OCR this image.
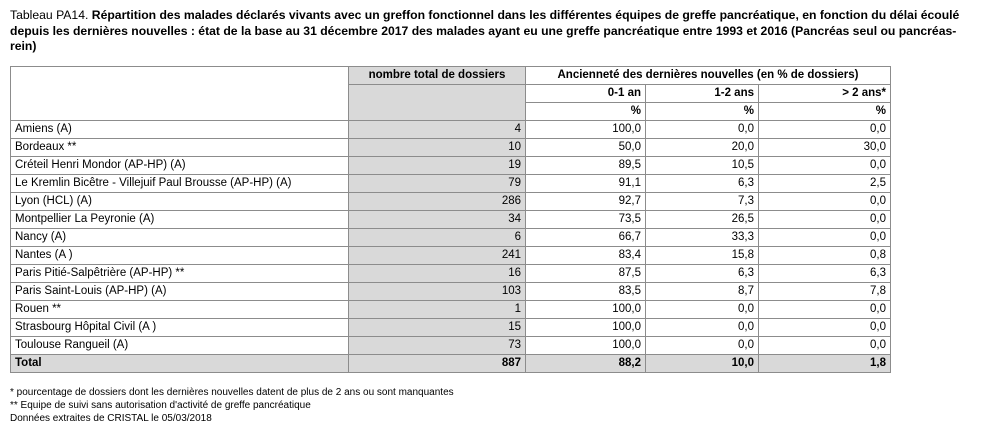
Tableau PA14. Répartition des malades déclarés vivants avec un greffon fonctionnel dans les différentes équipes de greffe pancréatique, en fonction du délai écoulé depuis les dernières nouvelles : état de la base au 31 décembre 2017 des malades ayant eu une greffe pancréatique entre 1993 et 2016 (Pancréas seul ou pancréas-rein)
	nombre total de dossiers	Ancienneté des dernières nouvelles (en % de dossiers)		
		0-1 an	1-2 ans	> 2 ans*
		%	%	%
Amiens (A)	4	100,0	0,0	0,0
Bordeaux **	10	50,0	20,0	30,0
Créteil Henri Mondor (AP-HP) (A)	19	89,5	10,5	0,0
Le Kremlin Bicêtre - Villejuif Paul Brousse (AP-HP) (A)	79	91,1	6,3	2,5
Lyon (HCL) (A)	286	92,7	7,3	0,0
Montpellier La Peyronie (A)	34	73,5	26,5	0,0
Nancy (A)	6	66,7	33,3	0,0
Nantes (A )	241	83,4	15,8	0,8
Paris Pitié-Salpêtrière (AP-HP) **	16	87,5	6,3	6,3
Paris Saint-Louis (AP-HP) (A)	103	83,5	8,7	7,8
Rouen **	1	100,0	0,0	0,0
Strasbourg Hôpital Civil (A )	15	100,0	0,0	0,0
Toulouse Rangueil (A)	73	100,0	0,0	0,0
Total	887	88,2	10,0	1,8
* pourcentage de dossiers dont les dernières nouvelles datent de plus de 2 ans ou sont manquantes
** Equipe de suivi sans autorisation d'activité de greffe pancréatique
Données extraites de CRISTAL le 05/03/2018
